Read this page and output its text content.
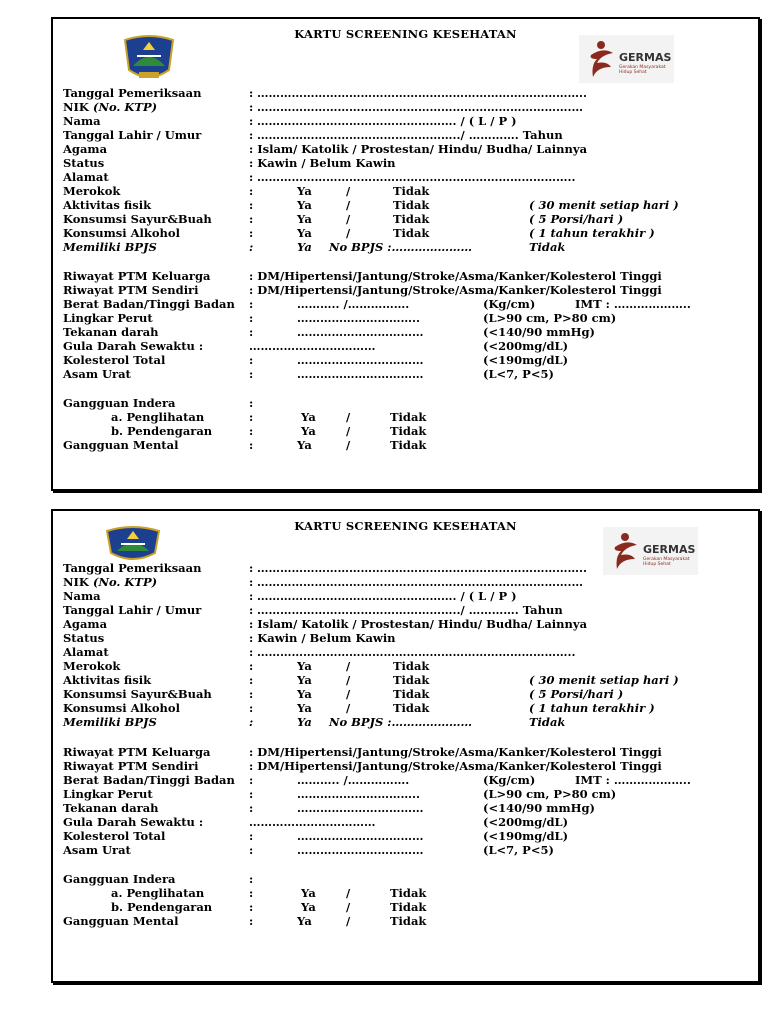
KARTU SCREENING KESEHATAN
GERMAS
Gerakan Masyarakat Hidup Sehat
Tanggal Pemeriksaan	: …………………………………………………………………………..
NIK (No. KTP)	: ……………………………………………………………………….…
Nama	: ……………………………………………. / ( L / P )
Tanggal Lahir / Umur	: ……………………………………………../ …………. Tahun
Agama	: Islam/ Katolik / Prostestan/ Hindu/ Budha/ Lainnya
Status	: Kawin / Belum Kawin
Alamat	: ………………………………………………………………………..
Merokok	:	Ya	/	Tidak
Aktivitas fisik	:	Ya	/	Tidak	( 30 menit setiap hari )
Konsumsi Sayur&Buah	:	Ya	/	Tidak	( 5 Porsi/hari )
Konsumsi Alkohol	:	Ya	/	Tidak	( 1 tahun terakhir )
Memiliki BPJS	:	Ya No BPJS :…………………	Tidak
Riwayat PTM Keluarga	: DM/Hipertensi/Jantung/Stroke/Asma/Kanker/Kolesterol Tinggi
Riwayat PTM Sendiri	: DM/Hipertensi/Jantung/Stroke/Asma/Kanker/Kolesterol Tinggi
Berat Badan/Tinggi Badan :	……….. /…………….	(Kg/cm)	IMT : ………………..
Lingkar Perut	:	…………………………..	(L>90 cm, P>80 cm)
Tekanan darah	:	……………………………	(<140/90 mmHg)
Gula Darah Sewaktu :	……………………………	(<200mg/dL)
Kolesterol Total	:	……………………………	(<190mg/dL)
Asam Urat	:	……………………………	(L<7, P<5)
Gangguan Indera	:
a. Penglihatan	:	Ya	/	Tidak
b. Pendengaran	:	Ya	/	Tidak
Gangguan Mental	:	Ya	/	Tidak
KARTU SCREENING KESEHATAN
GERMAS
Gerakan Masyarakat Hidup Sehat
Tanggal Pemeriksaan	: …………………………………………………………………………..
NIK (No. KTP)	: ……………………………………………………………………….…
Nama	: ……………………………………………. / ( L / P )
Tanggal Lahir / Umur	: ……………………………………………../ …………. Tahun
Agama	: Islam/ Katolik / Prostestan/ Hindu/ Budha/ Lainnya
Status	: Kawin / Belum Kawin
Alamat	: ………………………………………………………………………..
Merokok	:	Ya	/	Tidak
Aktivitas fisik	:	Ya	/	Tidak	( 30 menit setiap hari )
Konsumsi Sayur&Buah	:	Ya	/	Tidak	( 5 Porsi/hari )
Konsumsi Alkohol	:	Ya	/	Tidak	( 1 tahun terakhir )
Memiliki BPJS	:	Ya No BPJS :…………………	Tidak
Riwayat PTM Keluarga	: DM/Hipertensi/Jantung/Stroke/Asma/Kanker/Kolesterol Tinggi
Riwayat PTM Sendiri	: DM/Hipertensi/Jantung/Stroke/Asma/Kanker/Kolesterol Tinggi
Berat Badan/Tinggi Badan :	……….. /…………….	(Kg/cm)	IMT : ………………..
Lingkar Perut	:	…………………………..	(L>90 cm, P>80 cm)
Tekanan darah	:	……………………………	(<140/90 mmHg)
Gula Darah Sewaktu :	……………………………	(<200mg/dL)
Kolesterol Total	:	……………………………	(<190mg/dL)
Asam Urat	:	……………………………	(L<7, P<5)
Gangguan Indera	:
a. Penglihatan	:	Ya	/	Tidak
b. Pendengaran	:	Ya	/	Tidak
Gangguan Mental	:	Ya	/	Tidak
